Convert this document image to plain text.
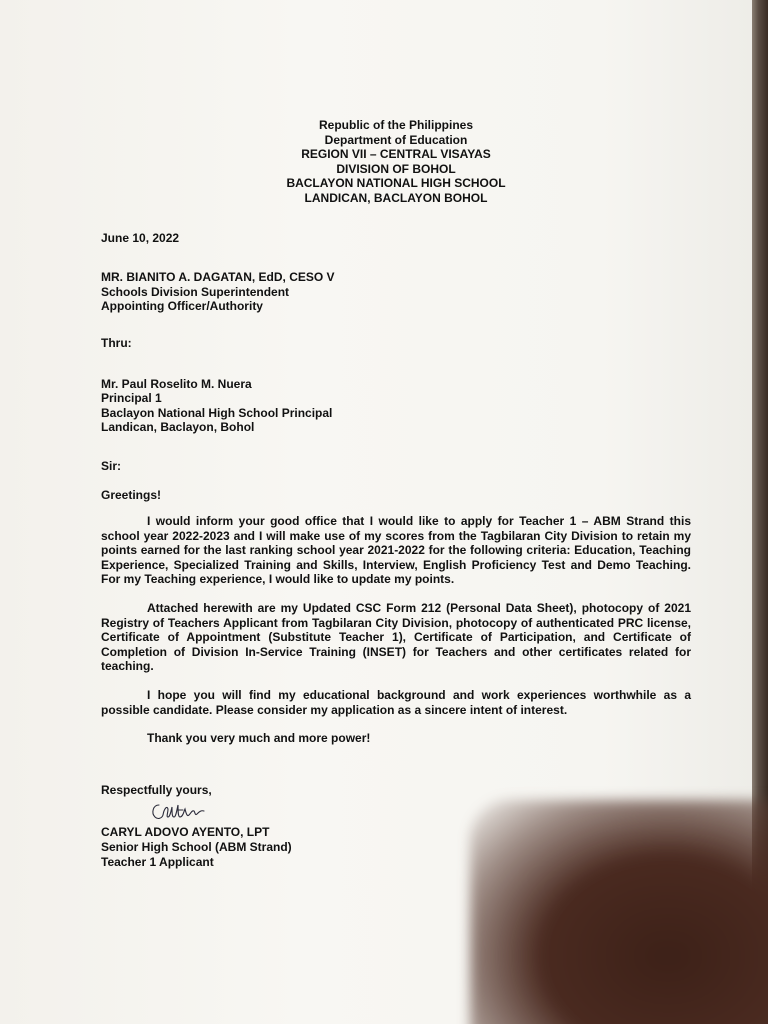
Republic of the Philippines
Department of Education
REGION VII – CENTRAL VISAYAS
DIVISION OF BOHOL
BACLAYON NATIONAL HIGH SCHOOL
LANDICAN, BACLAYON BOHOL
June 10, 2022
MR. BIANITO A. DAGATAN, EdD, CESO V
Schools Division Superintendent
Appointing Officer/Authority
Thru:
Mr. Paul Roselito M. Nuera
Principal 1
Baclayon National High School Principal
Landican, Baclayon, Bohol
Sir:
Greetings!

I would inform your good office that I would like to apply for Teacher 1 – ABM Strand this school year 2022-2023 and I will make use of my scores from the Tagbilaran City Division to retain my points earned for the last ranking school year 2021-2022 for the following criteria: Education, Teaching Experience, Specialized Training and Skills, Interview, English Proficiency Test and Demo Teaching. For my Teaching experience, I would like to update my points.

Attached herewith are my Updated CSC Form 212 (Personal Data Sheet), photocopy of 2021 Registry of Teachers Applicant from Tagbilaran City Division, photocopy of authenticated PRC license, Certificate of Appointment (Substitute Teacher 1), Certificate of Participation, and Certificate of Completion of Division In-Service Training (INSET) for Teachers and other certificates related for teaching.

I hope you will find my educational background and work experiences worthwhile as a possible candidate. Please consider my application as a sincere intent of interest.

Thank you very much and more power!

Respectfully yours,
CARYL ADOVO AYENTO, LPT
Senior High School (ABM Strand)
Teacher 1 Applicant
